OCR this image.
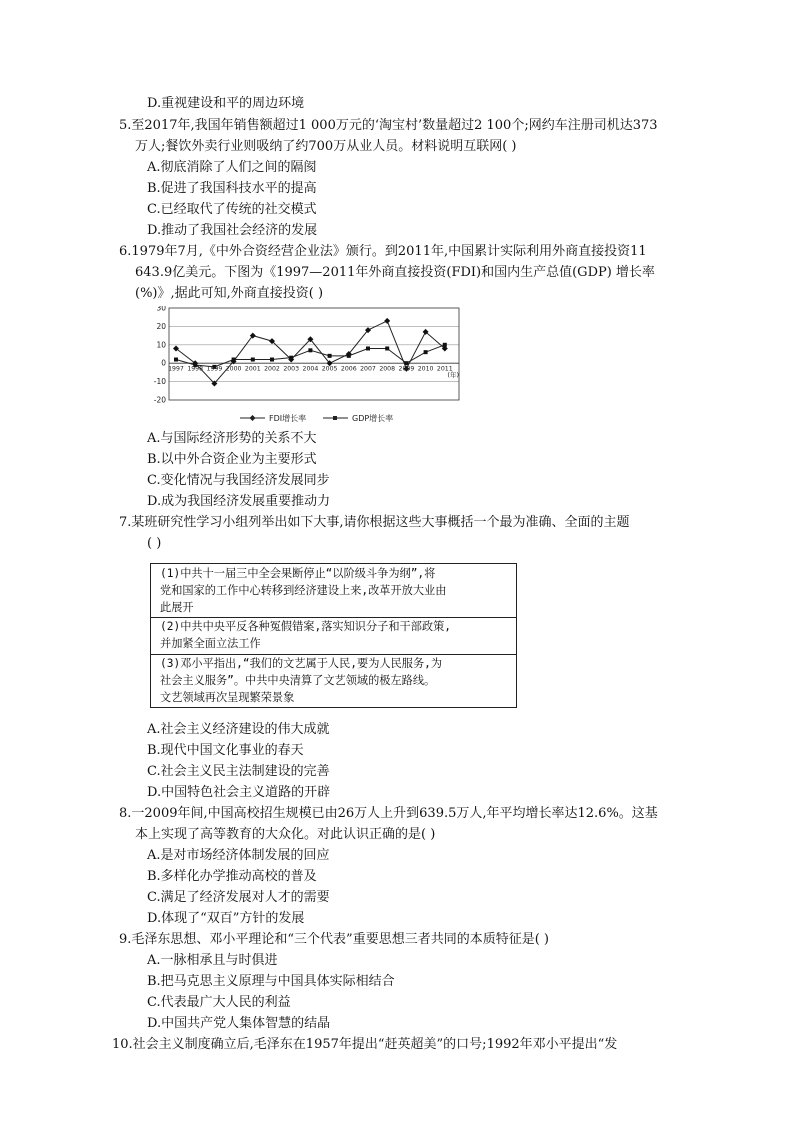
D.重视建设和平的周边环境
5.至2017年,我国年销售额超过1 000万元的‘淘宝村’数量超过2 100个;网约车注册司机达373
万人;餐饮外卖行业则吸纳了约700万从业人员。材料说明互联网( )
A.彻底消除了人们之间的隔阂
B.促进了我国科技水平的提高
C.已经取代了传统的社交模式
D.推动了我国社会经济的发展
6.1979年7月,《中外合资经营企业法》颁行。到2011年,中国累计实际利用外商直接投资11
643.9亿美元。下图为《1997—2011年外商直接投资(FDI)和国内生产总值(GDP) 增长率
(%)》,据此可知,外商直接投资( )
30
20
10
0
-10
-20
1997 1998 1999 2000 2001 2002 2003 2004 2005 2006 2007 2008 2009 2010 2011
(年)
FDI增长率	GDP增长率
A.与国际经济形势的关系不大
B.以中外合资企业为主要形式
C.变化情况与我国经济发展同步
D.成为我国经济发展重要推动力
7.某班研究性学习小组列举出如下大事,请你根据这些大事概括一个最为准确、全面的主题
( )
(1)中共十一届三中全会果断停止“以阶级斗争为纲”,将
党和国家的工作中心转移到经济建设上来,改革开放大业由
此展开
(2)中共中央平反各种冤假错案,落实知识分子和干部政策,
并加紧全面立法工作
(3)邓小平指出,“我们的文艺属于人民,要为人民服务,为
社会主义服务”。中共中央清算了文艺领域的极左路线。
文艺领域再次呈现繁荣景象
A.社会主义经济建设的伟大成就
B.现代中国文化事业的春天
C.社会主义民主法制建设的完善
D.中国特色社会主义道路的开辟
8.一2009年间,中国高校招生规模已由26万人上升到639.5万人,年平均增长率达12.6%。这基
本上实现了高等教育的大众化。对此认识正确的是( )
A.是对市场经济体制发展的回应
B.多样化办学推动高校的普及
C.满足了经济发展对人才的需要
D.体现了“双百”方针的发展
9.毛泽东思想、邓小平理论和“三个代表”重要思想三者共同的本质特征是( )
A.一脉相承且与时俱进
B.把马克思主义原理与中国具体实际相结合
C.代表最广大人民的利益
D.中国共产党人集体智慧的结晶
10.社会主义制度确立后,毛泽东在1957年提出“赶英超美”的口号;1992年邓小平提出“发
